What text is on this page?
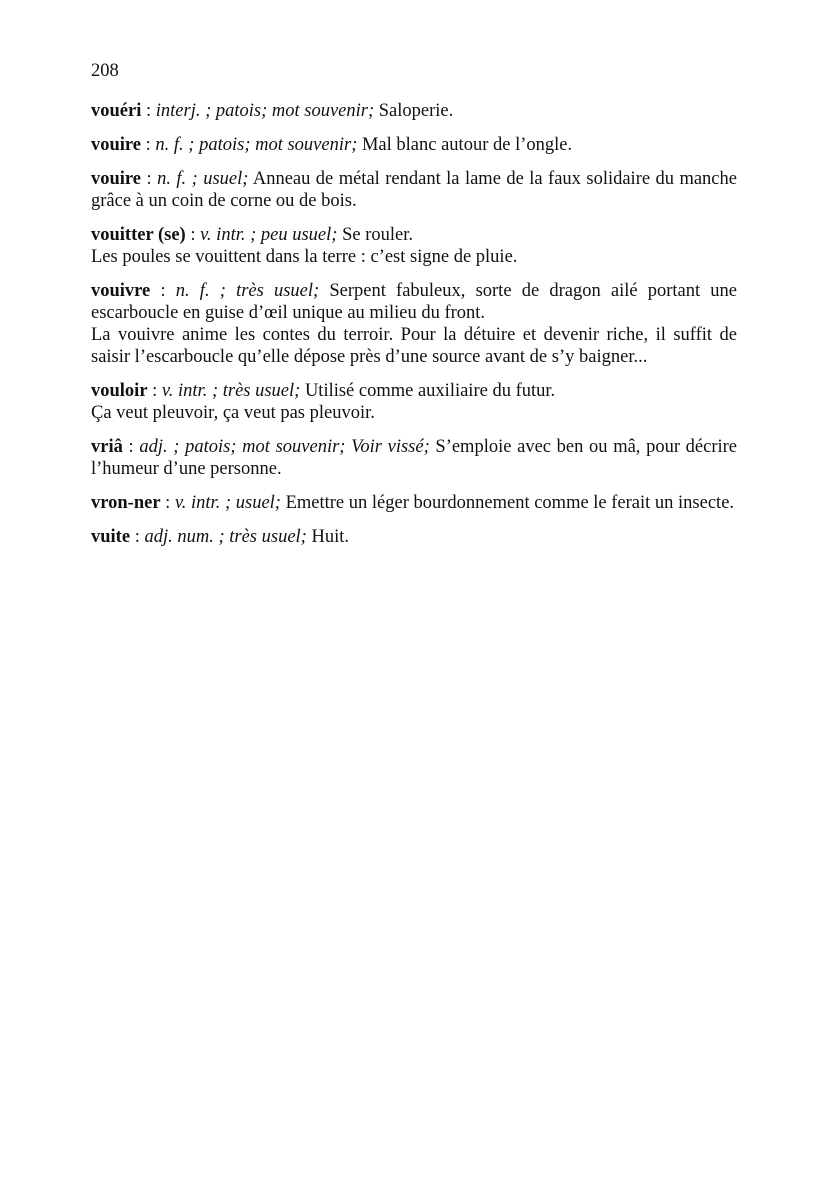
208

vouéri : interj. ; patois; mot souvenir; Saloperie.

vouire : n. f. ; patois; mot souvenir; Mal blanc autour de l’ongle.

vouire : n. f. ; usuel; Anneau de métal rendant la lame de la faux solidaire du manche grâce à un coin de corne ou de bois.

vouitter (se) : v. intr. ; peu usuel; Se rouler.

Les poules se vouittent dans la terre : c’est signe de pluie.

vouivre : n. f. ; très usuel; Serpent fabuleux, sorte de dragon ailé portant une escarboucle en guise d’œil unique au milieu du front.

La vouivre anime les contes du terroir. Pour la détuire et devenir riche, il suffit de saisir l’escarboucle qu’elle dépose près d’une source avant de s’y baigner...

vouloir : v. intr. ; très usuel; Utilisé comme auxiliaire du futur.

Ça veut pleuvoir, ça veut pas pleuvoir.

vriâ : adj. ; patois; mot souvenir; Voir vissé; S’emploie avec ben ou mâ, pour décrire l’humeur d’une personne.

vron-ner : v. intr. ; usuel; Emettre un léger bourdonnement comme le ferait un insecte.

vuite : adj. num. ; très usuel; Huit.
